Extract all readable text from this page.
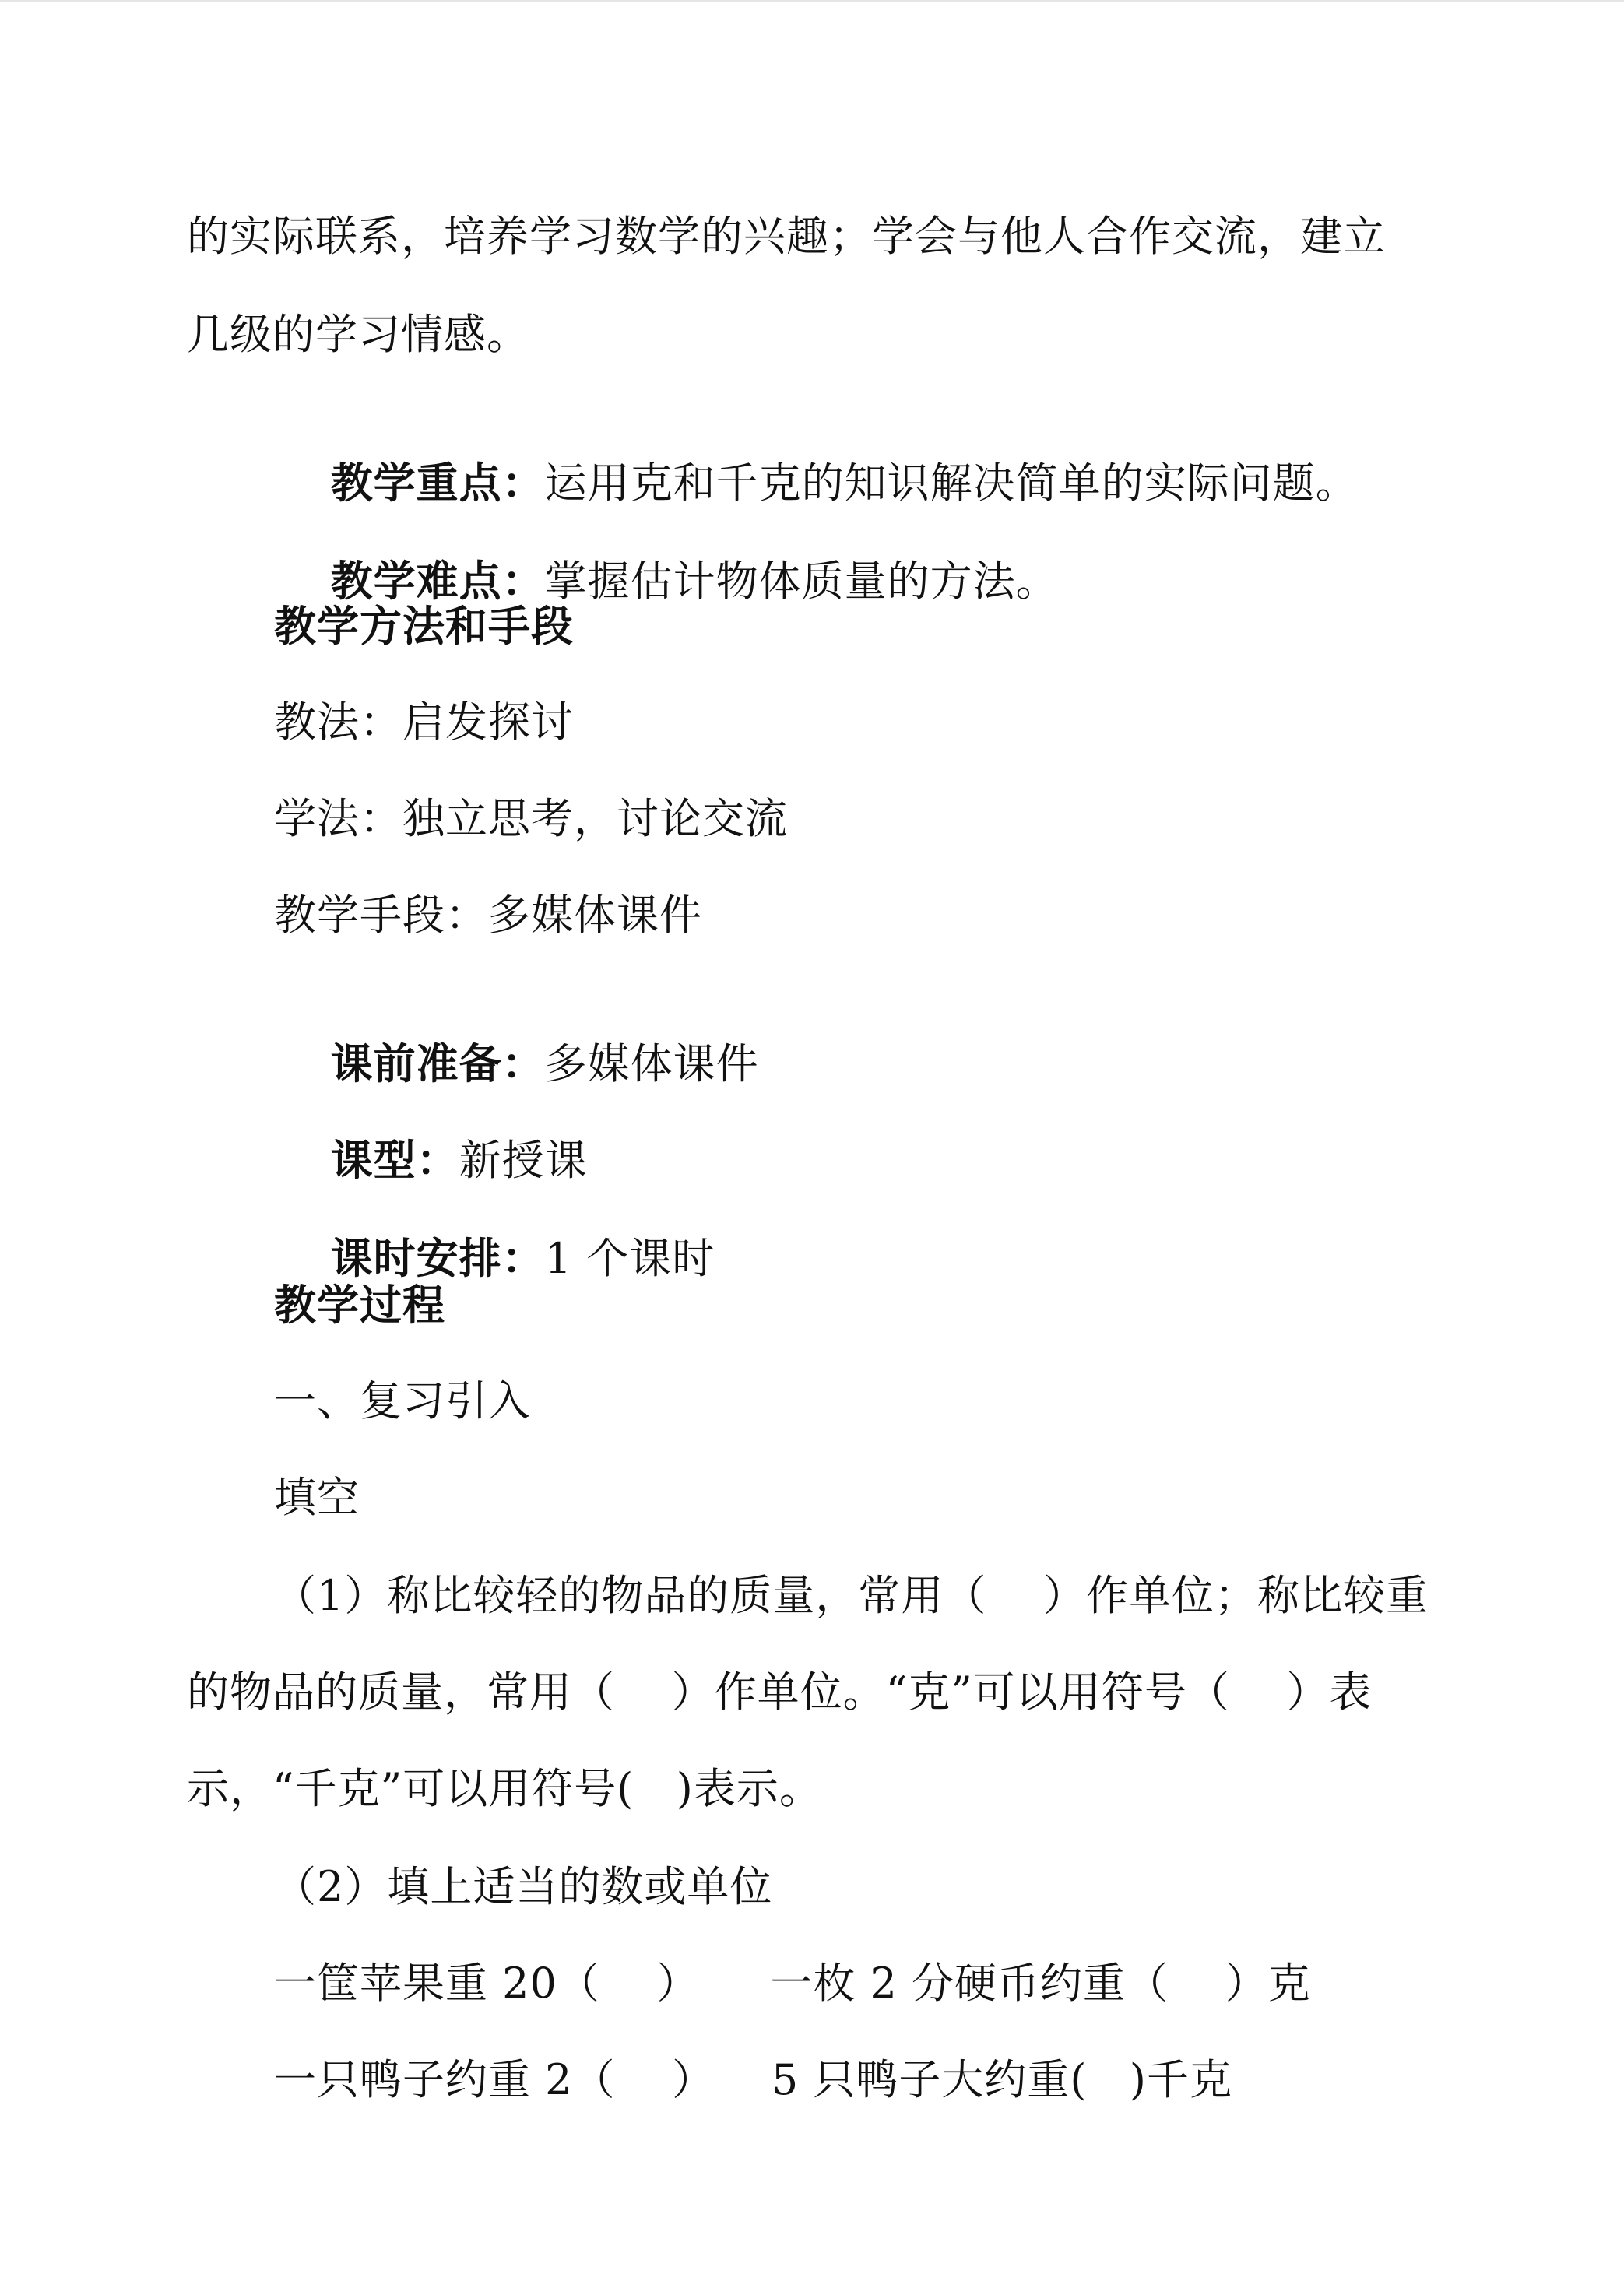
的实际联系，培养学习数学的兴趣；学会与他人合作交流，建立
几级的学习情感。

教学重点：运用克和千克的知识解决简单的实际问题。

教学难点：掌握估计物体质量的方法。

教学方法和手段
教法：启发探讨
学法：独立思考，讨论交流
教学手段：多媒体课件

课前准备：多媒体课件

课型：新授课

课时安排：1 个课时

教学过程
一、复习引入
填空
（1）称比较轻的物品的质量，常用（    ）作单位；称比较重
的物品的质量，常用（    ）作单位。“克”可以用符号（    ）表
示，“千克”可以用符号(   )表示。
（2）填上适当的数或单位
一筐苹果重 20（    ）     一枚 2 分硬币约重（    ）克
一只鸭子约重 2（    ）    5 只鸭子大约重(   )千克
